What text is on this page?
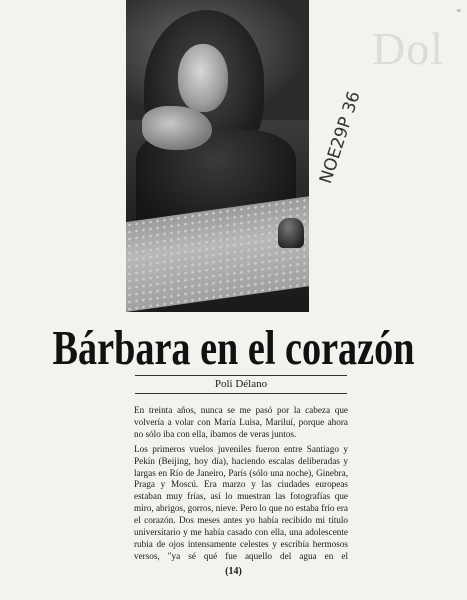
≡
Dol
NOE29P 36
Bárbara en el corazón
Poli Délano

En treinta años, nunca se me pasó por la cabeza que volvería a volar con María Luisa, Mariluí, porque ahora no sólo iba con ella, íbamos de veras juntos.

Los primeros vuelos juveniles fueron entre Santiago y Pekín (Beijing, hoy día), haciendo escalas deliberadas y largas en Río de Janeiro, París (sólo una noche), Ginebra, Praga y Moscú. Era marzo y las ciudades europeas estaban muy frías, así lo muestran las fotografías que miro, abrigos, gorros, nieve. Pero lo que no estaba frío era el corazón. Dos meses antes yo había recibido mi título universitario y me había casado con ella, una adolescente rubia de ojos intensamente celestes y escribía hermosos versos, "ya sé qué fue aquello del agua en el

(14)
